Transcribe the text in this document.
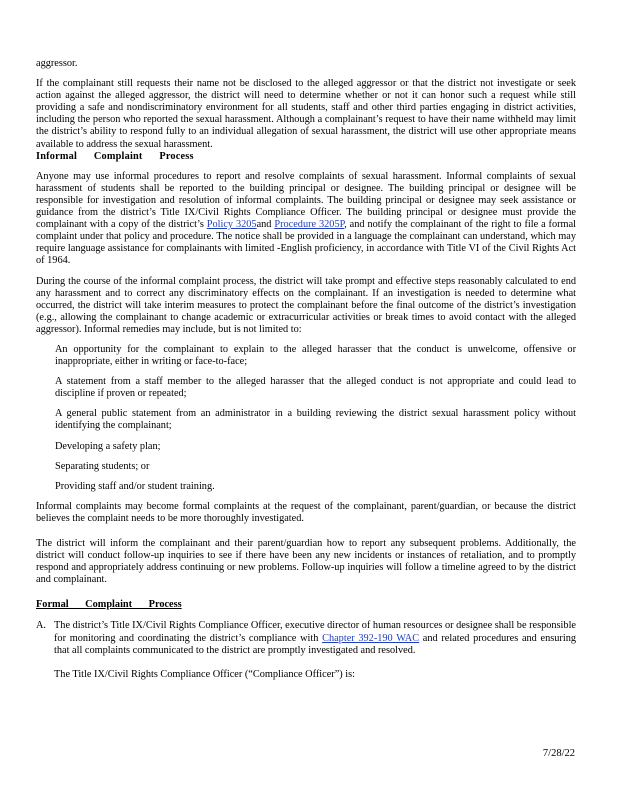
aggressor.

If the complainant still requests their name not be disclosed to the alleged aggressor or that the district not investigate or seek action against the alleged aggressor, the district will need to determine whether or not it can honor such a request while still providing a safe and nondiscriminatory environment for all students, staff and other third parties engaging in district activities, including the person who reported the sexual harassment. Although a complainant’s request to have their name withheld may limit the district’s ability to respond fully to an individual allegation of sexual harassment, the district will use other appropriate means available to address the sexual harassment.

Informal Complaint Process

Anyone may use informal procedures to report and resolve complaints of sexual harassment. Informal complaints of sexual harassment of students shall be reported to the building principal or designee. The building principal or designee will be responsible for investigation and resolution of informal complaints. The building principal or designee may seek assistance or guidance from the district’s Title IX/Civil Rights Compliance Officer. The building principal or designee must provide the complainant with a copy of the district’s Policy 3205and Procedure 3205P, and notify the complainant of the right to file a formal complaint under that policy and procedure. The notice shall be provided in a language the complainant can understand, which may require language assistance for complainants with limited -English proficiency, in accordance with Title VI of the Civil Rights Act of 1964.

During the course of the informal complaint process, the district will take prompt and effective steps reasonably calculated to end any harassment and to correct any discriminatory effects on the complainant. If an investigation is needed to determine what occurred, the district will take interim measures to protect the complainant before the final outcome of the district’s investigation (e.g., allowing the complainant to change academic or extracurricular activities or break times to avoid contact with the alleged aggressor). Informal remedies may include, but is not limited to:

An opportunity for the complainant to explain to the alleged harasser that the conduct is unwelcome, offensive or inappropriate, either in writing or face-to-face;
A statement from a staff member to the alleged harasser that the alleged conduct is not appropriate and could lead to discipline if proven or repeated;
A general public statement from an administrator in a building reviewing the district sexual harassment policy without identifying the complainant;
Developing a safety plan;
Separating students; or
Providing staff and/or student training.

Informal complaints may become formal complaints at the request of the complainant, parent/guardian, or because the district believes the complaint needs to be more thoroughly investigated.

The district will inform the complainant and their parent/guardian how to report any subsequent problems. Additionally, the district will conduct follow-up inquiries to see if there have been any new incidents or instances of retaliation, and to promptly respond and appropriately address continuing or new problems. Follow-up inquiries will follow a timeline agreed to by the district and complainant.

Formal Complaint Process

A. The district’s Title IX/Civil Rights Compliance Officer, executive director of human resources or designee shall be responsible for monitoring and coordinating the district’s compliance with Chapter 392-190 WAC and related procedures and ensuring that all complaints communicated to the district are promptly investigated and resolved.

The Title IX/Civil Rights Compliance Officer (“Compliance Officer”) is:

7/28/22
